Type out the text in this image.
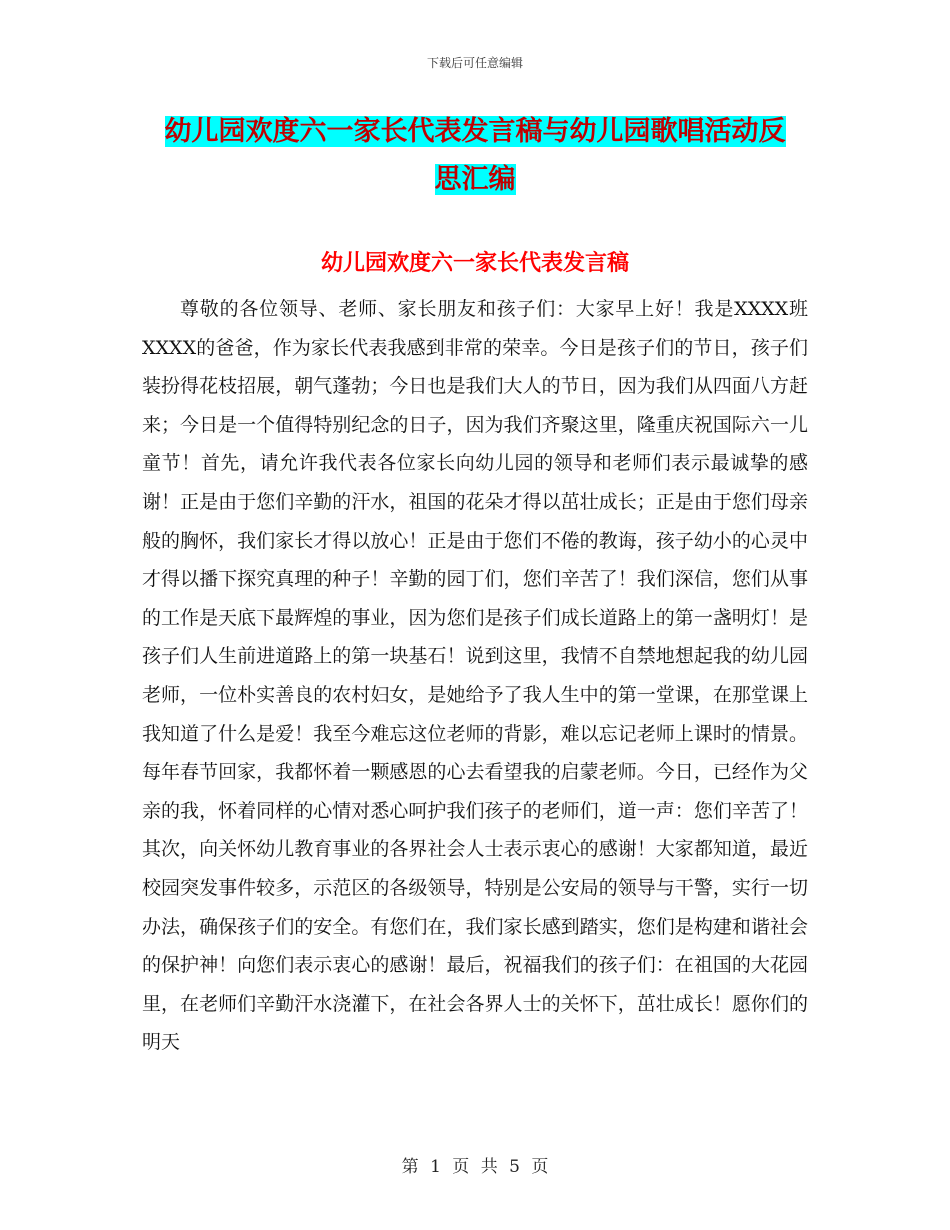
下载后可任意编辑
幼儿园欢度六一家长代表发言稿与幼儿园歌唱活动反
思汇编
幼儿园欢度六一家长代表发言稿

尊敬的各位领导、老师、家长朋友和孩子们：大家早上好！我是XXXX班XXXX的爸爸，作为家长代表我感到非常的荣幸。今日是孩子们的节日，孩子们装扮得花枝招展，朝气蓬勃；今日也是我们大人的节日，因为我们从四面八方赶来；今日是一个值得特别纪念的日子，因为我们齐聚这里，隆重庆祝国际六一儿童节！首先，请允许我代表各位家长向幼儿园的领导和老师们表示最诚挚的感谢！正是由于您们辛勤的汗水，祖国的花朵才得以茁壮成长；正是由于您们母亲般的胸怀，我们家长才得以放心！正是由于您们不倦的教诲，孩子幼小的心灵中才得以播下探究真理的种子！辛勤的园丁们，您们辛苦了！我们深信，您们从事的工作是天底下最辉煌的事业，因为您们是孩子们成长道路上的第一盏明灯！是孩子们人生前进道路上的第一块基石！说到这里，我情不自禁地想起我的幼儿园老师，一位朴实善良的农村妇女，是她给予了我人生中的第一堂课，在那堂课上我知道了什么是爱！我至今难忘这位老师的背影，难以忘记老师上课时的情景。每年春节回家，我都怀着一颗感恩的心去看望我的启蒙老师。今日，已经作为父亲的我，怀着同样的心情对悉心呵护我们孩子的老师们，道一声：您们辛苦了！其次，向关怀幼儿教育事业的各界社会人士表示衷心的感谢！大家都知道，最近校园突发事件较多，示范区的各级领导，特别是公安局的领导与干警，实行一切办法，确保孩子们的安全。有您们在，我们家长感到踏实，您们是构建和谐社会的保护神！向您们表示衷心的感谢！最后，祝福我们的孩子们：在祖国的大花园里，在老师们辛勤汗水浇灌下，在社会各界人士的关怀下，茁壮成长！愿你们的明天

第 1 页 共 5 页
